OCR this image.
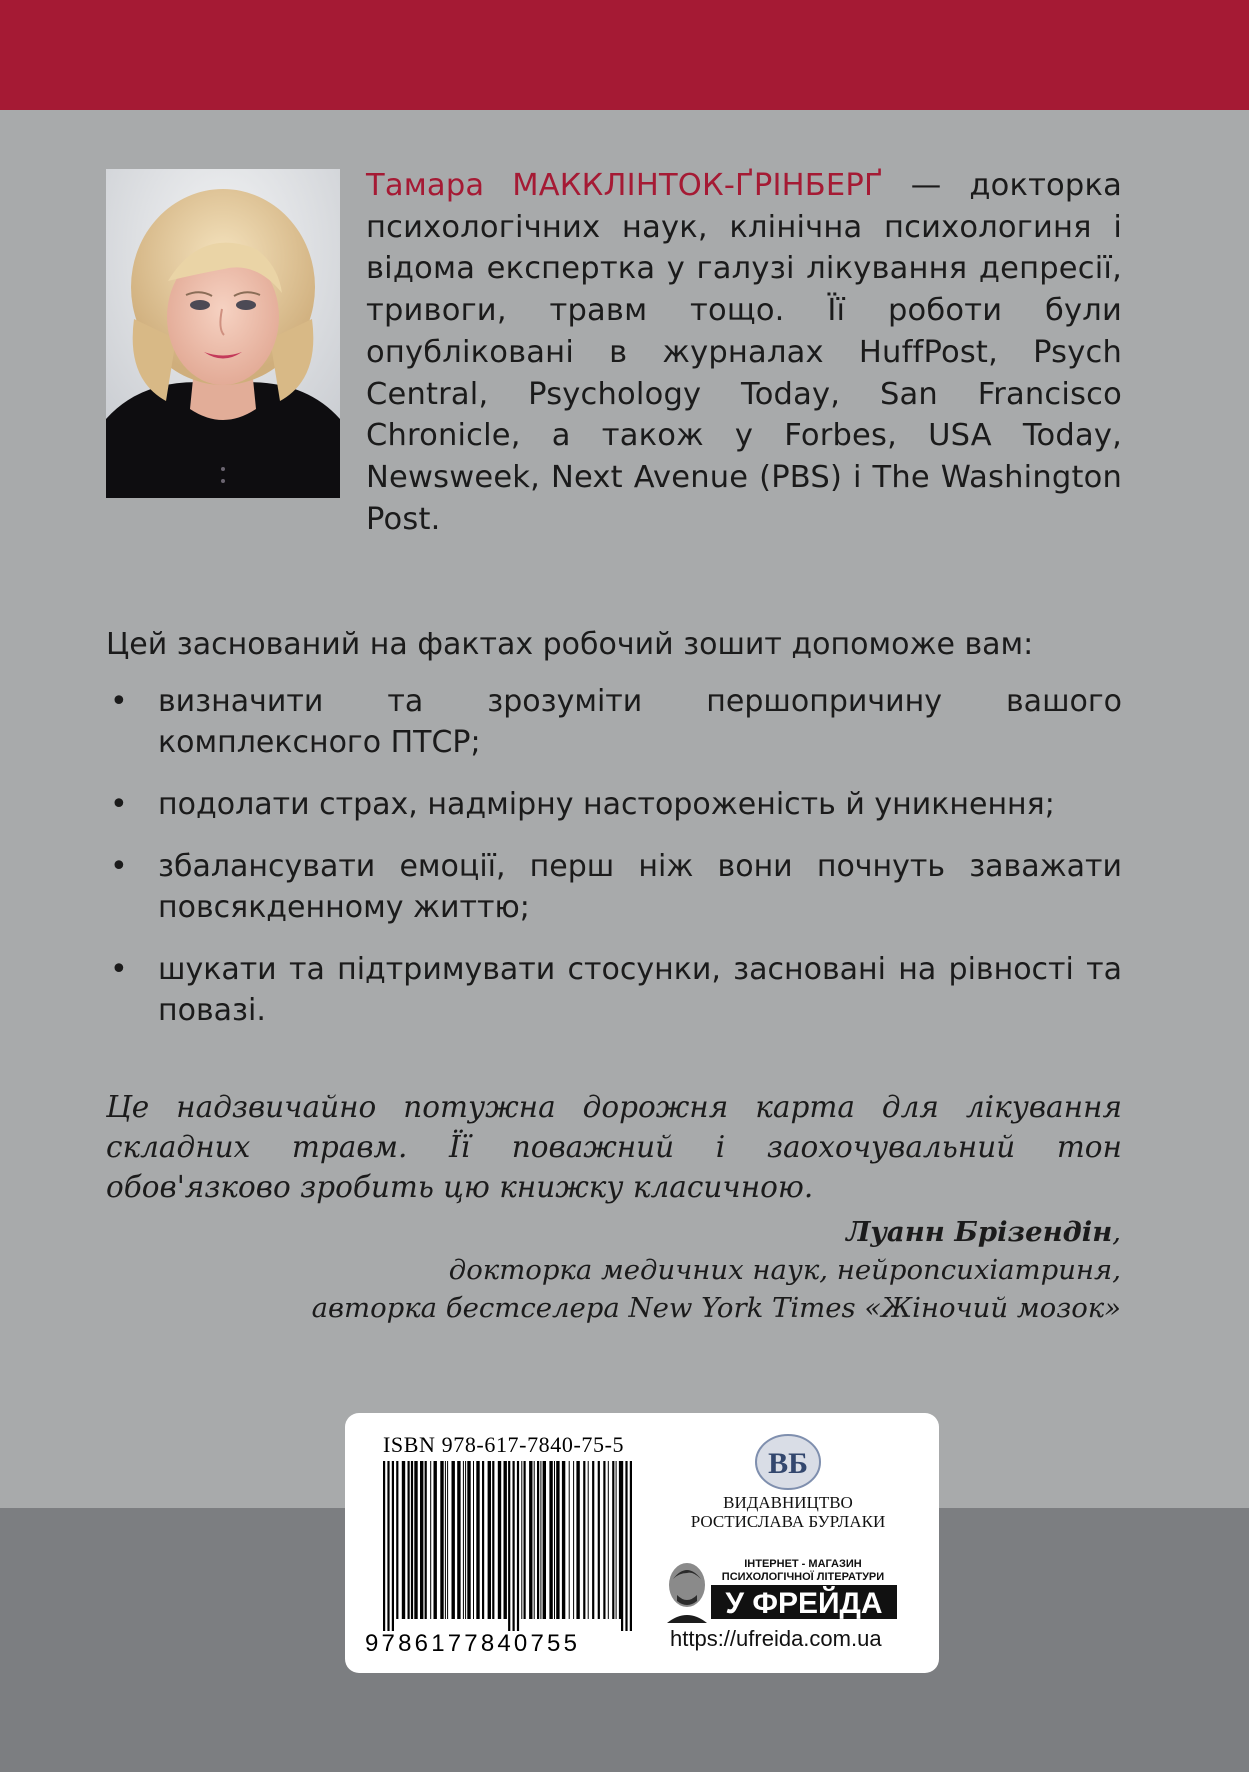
Тамара МАККЛІНТОК-ҐРІНБЕРҐ — докторка психологічних наук, клінічна психологиня і відома експертка у галузі лікування депресії, тривоги, травм тощо. Її роботи були опубліковані в журналах HuffPost, Psych Central, Psychology Today, San Francisco Chronicle, а також у Forbes, USA Today, Newsweek, Next Avenue (PBS) і The Washington Post.

Цей заснований на фактах робочий зошит допоможе вам:

• визначити та зрозуміти першопричину вашого комплексного ПТСР;
• подолати страх, надмірну настороженість й уникнення;
• збалансувати емоції, перш ніж вони почнуть заважати повсякденному життю;
• шукати та підтримувати стосунки, засновані на рівності та повазі.

Це надзвичайно потужна дорожня карта для лікування складних травм. Її поважний і заохочувальний тон обов'язково зробить цю книжку класичною.

Луанн Брізендін,
докторка медичних наук, нейропсихіатриня,
авторка бестселера New York Times «Жіночий мозок»
ISBN 978-617-7840-75-5
9786177840755
ВБ
ВИДАВНИЦТВО
РОСТИСЛАВА БУРЛАКИ
ІНТЕРНЕТ - МАГАЗИН
ПСИХОЛОГІЧНОЇ ЛІТЕРАТУРИ
У ФРЕЙДА
https://ufreida.com.ua
